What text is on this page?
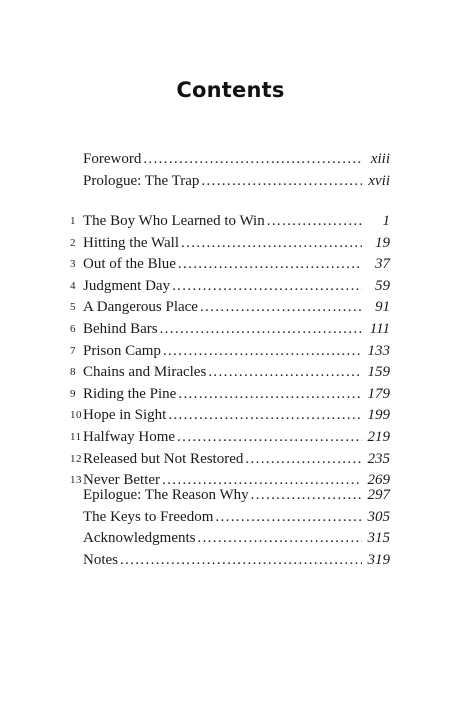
Contents
Foreword . . .	xiii
Prologue: The Trap . . .	xvii
1 The Boy Who Learned to Win . . .	1
2 Hitting the Wall . . .	19
3 Out of the Blue . . .	37
4 Judgment Day . . .	59
5 A Dangerous Place . . .	91
6 Behind Bars . . .	111
7 Prison Camp . . .	133
8 Chains and Miracles . . .	159
9 Riding the Pine . . .	179
10 Hope in Sight . . .	199
11 Halfway Home . . .	219
12 Released but Not Restored . . .	235
13 Never Better . . .	269
Epilogue: The Reason Why . . .	297
The Keys to Freedom . . .	305
Acknowledgments . . .	315
Notes . . .	319
